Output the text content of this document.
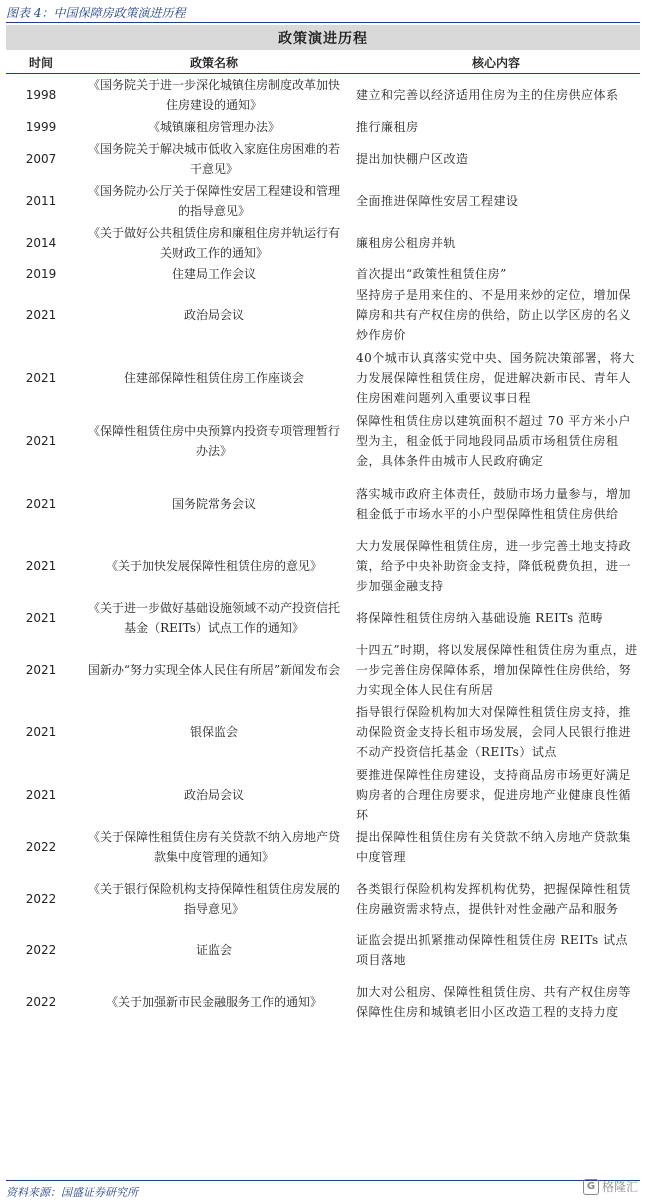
图表 4：中国保障房政策演进历程
政策演进历程
时间	政策名称	核心内容
1998	《国务院关于进一步深化城镇住房制度改革加快住房建设的通知》	建立和完善以经济适用住房为主的住房供应体系
1999	《城镇廉租房管理办法》	推行廉租房
2007	《国务院关于解决城市低收入家庭住房困难的若干意见》	提出加快棚户区改造
2011	《国务院办公厅关于保障性安居工程建设和管理的指导意见》	全面推进保障性安居工程建设
2014	《关于做好公共租赁住房和廉租住房并轨运行有关财政工作的通知》	廉租房公租房并轨
2019	住建局工作会议	首次提出“政策性租赁住房”
2021	政治局会议	坚持房子是用来住的、不是用来炒的定位，增加保障房和共有产权住房的供给，防止以学区房的名义炒作房价
2021	住建部保障性租赁住房工作座谈会	40个城市认真落实党中央、国务院决策部署，将大力发展保障性租赁住房，促进解决新市民、青年人住房困难问题列入重要议事日程
2021	《保障性租赁住房中央预算内投资专项管理暂行办法》	保障性租赁住房以建筑面积不超过 70 平方米小户型为主，租金低于同地段同品质市场租赁住房租金，具体条件由城市人民政府确定
2021	国务院常务会议	落实城市政府主体责任，鼓励市场力量参与，增加租金低于市场水平的小户型保障性租赁住房供给
2021	《关于加快发展保障性租赁住房的意见》	大力发展保障性租赁住房，进一步完善土地支持政策，给予中央补助资金支持，降低税费负担，进一步加强金融支持
2021	《关于进一步做好基础设施领域不动产投资信托基金（REITs）试点工作的通知》	将保障性租赁住房纳入基础设施 REITs 范畴
2021	国新办“努力实现全体人民住有所居”新闻发布会	十四五”时期，将以发展保障性租赁住房为重点，进一步完善住房保障体系，增加保障性住房供给，努力实现全体人民住有所居
2021	银保监会	指导银行保险机构加大对保障性租赁住房支持，推动保险资金支持长租市场发展，会同人民银行推进不动产投资信托基金（REITs）试点
2021	政治局会议	要推进保障性住房建设，支持商品房市场更好满足购房者的合理住房要求，促进房地产业健康良性循环
2022	《关于保障性租赁住房有关贷款不纳入房地产贷款集中度管理的通知》	提出保障性租赁住房有关贷款不纳入房地产贷款集中度管理
2022	《关于银行保险机构支持保障性租赁住房发展的指导意见》	各类银行保险机构发挥机构优势，把握保障性租赁住房融资需求特点，提供针对性金融产品和服务
2022	证监会	证监会提出抓紧推动保障性租赁住房 REITs 试点项目落地
2022	《关于加强新市民金融服务工作的通知》	加大对公租房、保障性租赁住房、共有产权住房等保障性住房和城镇老旧小区改造工程的支持力度
资料来源：国盛证券研究所	G 格隆汇
